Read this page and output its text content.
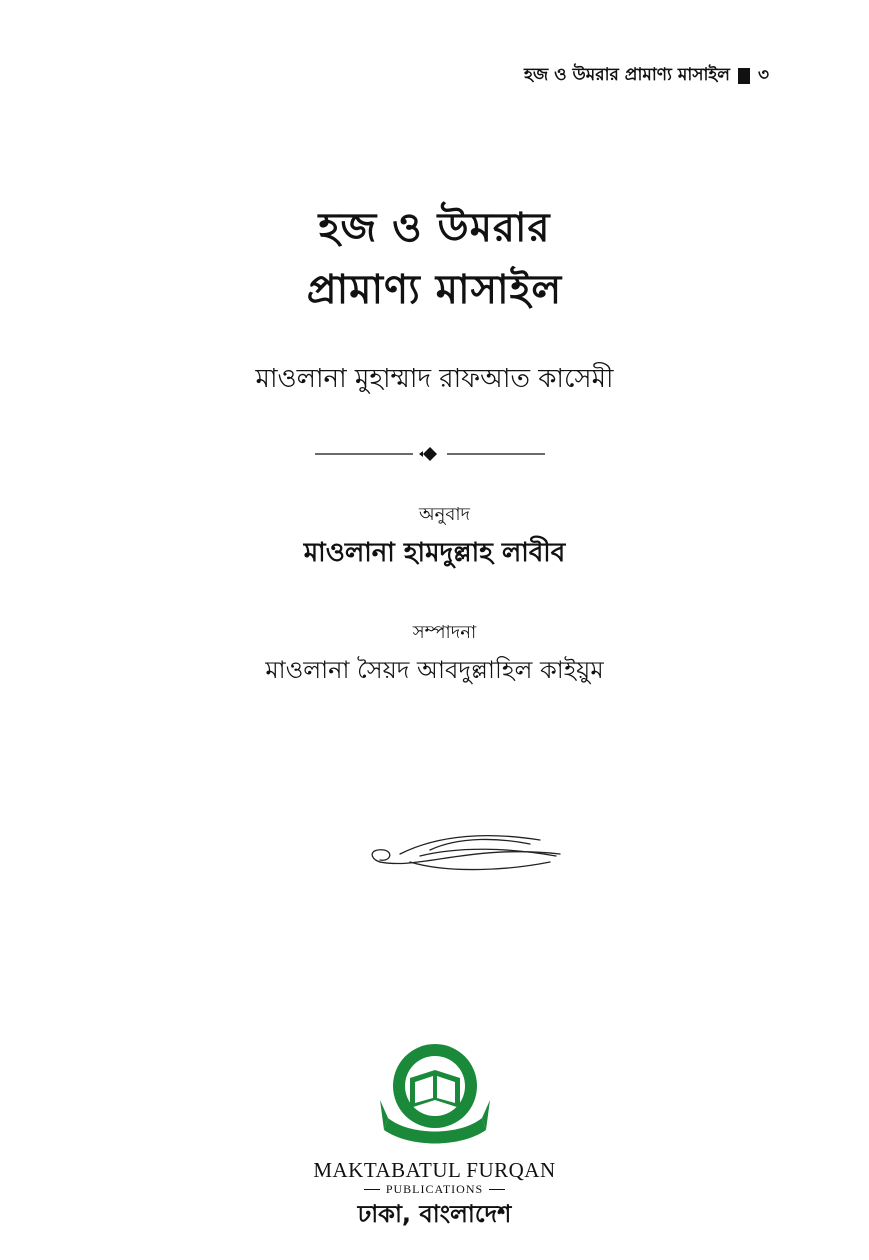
হজ ও উমরার প্রামাণ্য মাসাইল ৩
হজ ও উমরার
প্রামাণ্য মাসাইল
মাওলানা মুহাম্মাদ রাফআত কাসেমী
অনুবাদ
মাওলানা হামদুল্লাহ লাবীব
সম্পাদনা
মাওলানা সৈয়দ আবদুল্লাহিল কাইয়ুম
MAKTABATUL FURQAN
PUBLICATIONS
ঢাকা, বাংলাদেশ
